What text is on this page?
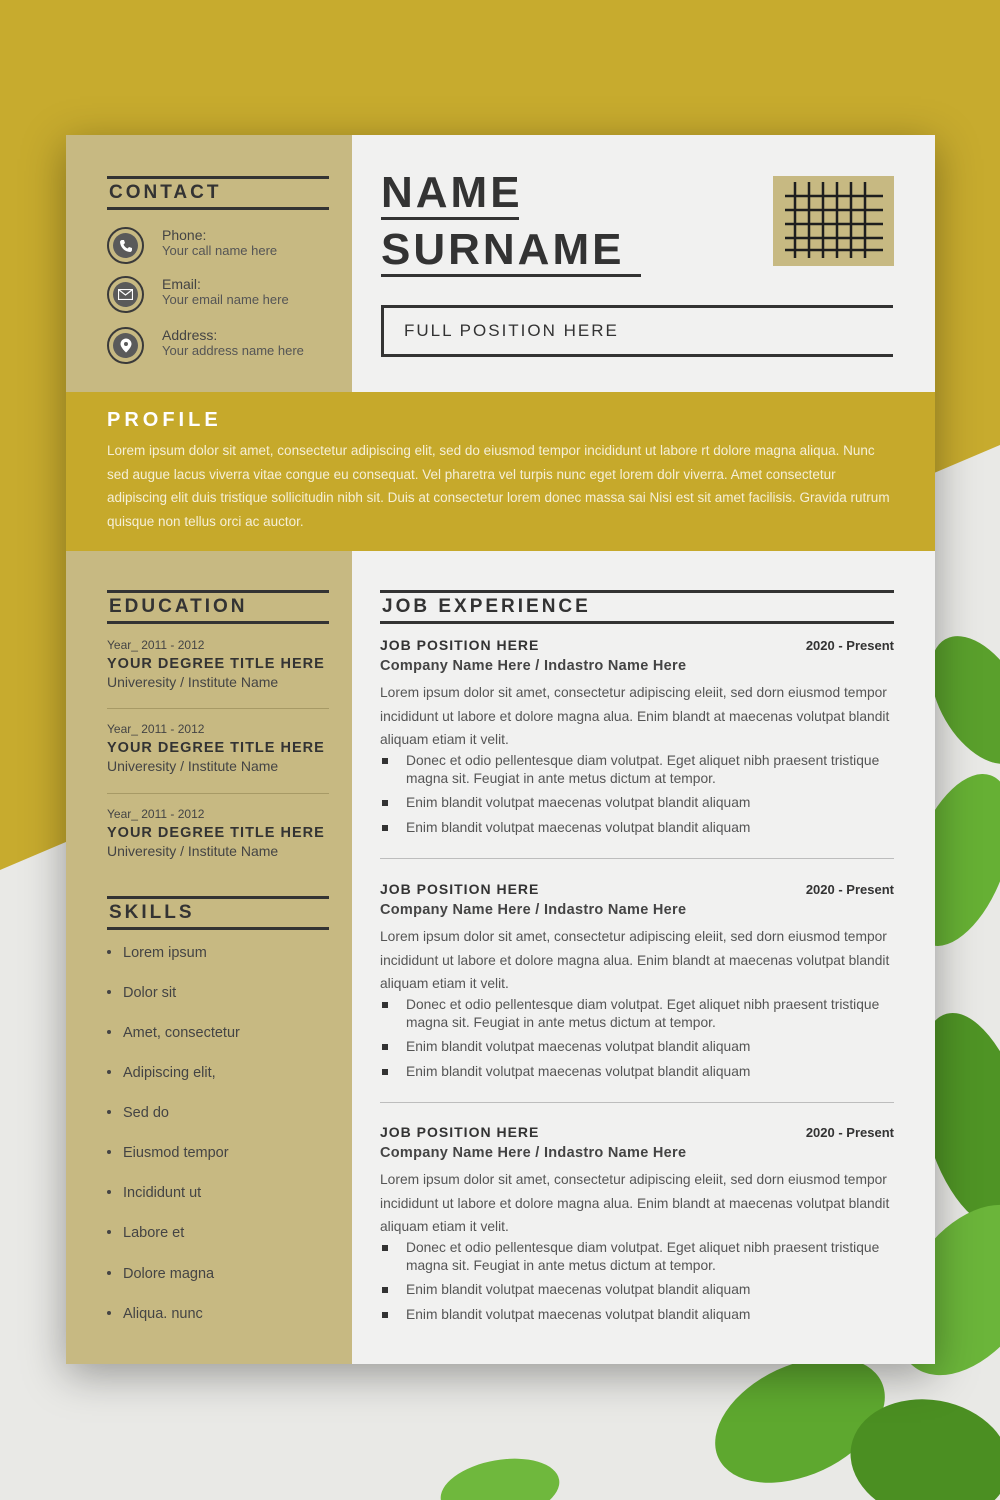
CONTACT
Phone:
Your call name here
Email:
Your email name here
Address:
Your address name here
NAME
SURNAME
FULL POSITION HERE
PROFILE
Lorem ipsum dolor sit amet, consectetur adipiscing elit, sed do eiusmod tempor incididunt ut labore rt dolore magna aliqua. Nunc sed augue lacus viverra vitae congue eu consequat. Vel pharetra vel turpis nunc eget lorem dolr viverra. Amet consectetur adipiscing elit duis tristique sollicitudin nibh sit. Duis at consectetur lorem donec massa sai Nisi est sit amet facilisis. Gravida rutrum quisque non tellus orci ac auctor.
EDUCATION
Year_ 2011 - 2012
YOUR DEGREE TITLE HERE
Univeresity / Institute Name
Year_ 2011 - 2012
YOUR DEGREE TITLE HERE
Univeresity / Institute Name
Year_ 2011 - 2012
YOUR DEGREE TITLE HERE
Univeresity / Institute Name
SKILLS
Lorem ipsum
Dolor sit
Amet, consectetur
Adipiscing elit,
Sed do
Eiusmod tempor
Incididunt ut
Labore et
Dolore magna
Aliqua. nunc
JOB EXPERIENCE
JOB POSITION HERE	2020 - Present
Company Name Here / Indastro Name Here
Lorem ipsum dolor sit amet, consectetur adipiscing eleiit, sed dorn eiusmod tempor incididunt ut labore et dolore magna alua. Enim blandt at maecenas volutpat blandit aliquam etiam it velit.
Donec et odio pellentesque diam volutpat. Eget aliquet nibh praesent tristique magna sit. Feugiat in ante metus dictum at tempor.
Enim blandit volutpat maecenas volutpat blandit aliquam
Enim blandit volutpat maecenas volutpat blandit aliquam
JOB POSITION HERE	2020 - Present
Company Name Here / Indastro Name Here
Lorem ipsum dolor sit amet, consectetur adipiscing eleiit, sed dorn eiusmod tempor incididunt ut labore et dolore magna alua. Enim blandt at maecenas volutpat blandit aliquam etiam it velit.
Donec et odio pellentesque diam volutpat. Eget aliquet nibh praesent tristique magna sit. Feugiat in ante metus dictum at tempor.
Enim blandit volutpat maecenas volutpat blandit aliquam
Enim blandit volutpat maecenas volutpat blandit aliquam
JOB POSITION HERE	2020 - Present
Company Name Here / Indastro Name Here
Lorem ipsum dolor sit amet, consectetur adipiscing eleiit, sed dorn eiusmod tempor incididunt ut labore et dolore magna alua. Enim blandt at maecenas volutpat blandit aliquam etiam it velit.
Donec et odio pellentesque diam volutpat. Eget aliquet nibh praesent tristique magna sit. Feugiat in ante metus dictum at tempor.
Enim blandit volutpat maecenas volutpat blandit aliquam
Enim blandit volutpat maecenas volutpat blandit aliquam
